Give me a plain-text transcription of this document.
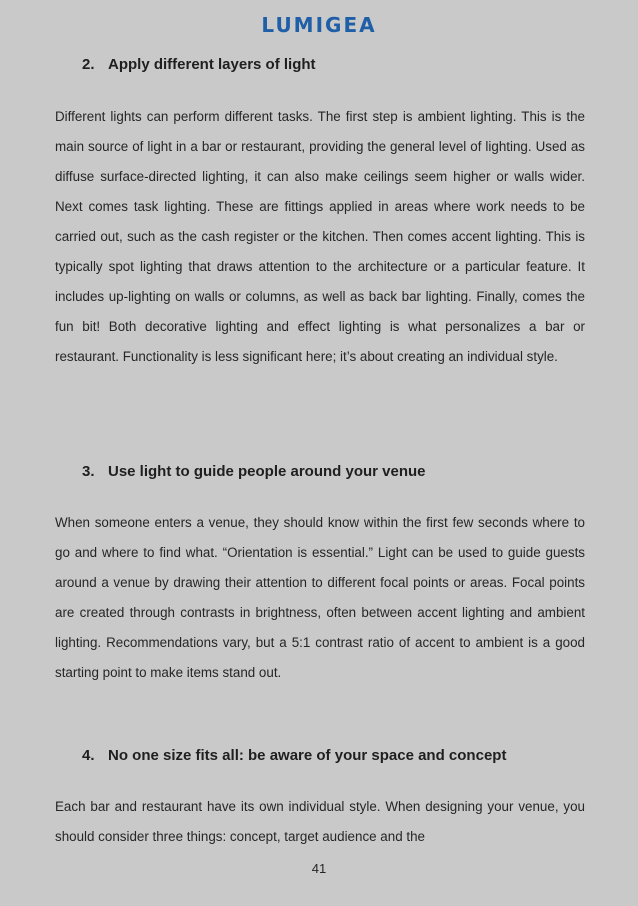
LUMIGEA
2. Apply different layers of light

Different lights can perform different tasks. The first step is ambient lighting. This is the main source of light in a bar or restaurant, providing the general level of lighting. Used as diffuse surface-directed lighting, it can also make ceilings seem higher or walls wider. Next comes task lighting. These are fittings applied in areas where work needs to be carried out, such as the cash register or the kitchen. Then comes accent lighting. This is typically spot lighting that draws attention to the architecture or a particular feature. It includes up-lighting on walls or columns, as well as back bar lighting. Finally, comes the fun bit! Both decorative lighting and effect lighting is what personalizes a bar or restaurant. Functionality is less significant here; it’s about creating an individual style.

3. Use light to guide people around your venue

When someone enters a venue, they should know within the first few seconds where to go and where to find what. “Orientation is essential.” Light can be used to guide guests around a venue by drawing their attention to different focal points or areas. Focal points are created through contrasts in brightness, often between accent lighting and ambient lighting. Recommendations vary, but a 5:1 contrast ratio of accent to ambient is a good starting point to make items stand out.

4. No one size fits all: be aware of your space and concept

Each bar and restaurant have its own individual style. When designing your venue, you should consider three things: concept, target audience and the

41
